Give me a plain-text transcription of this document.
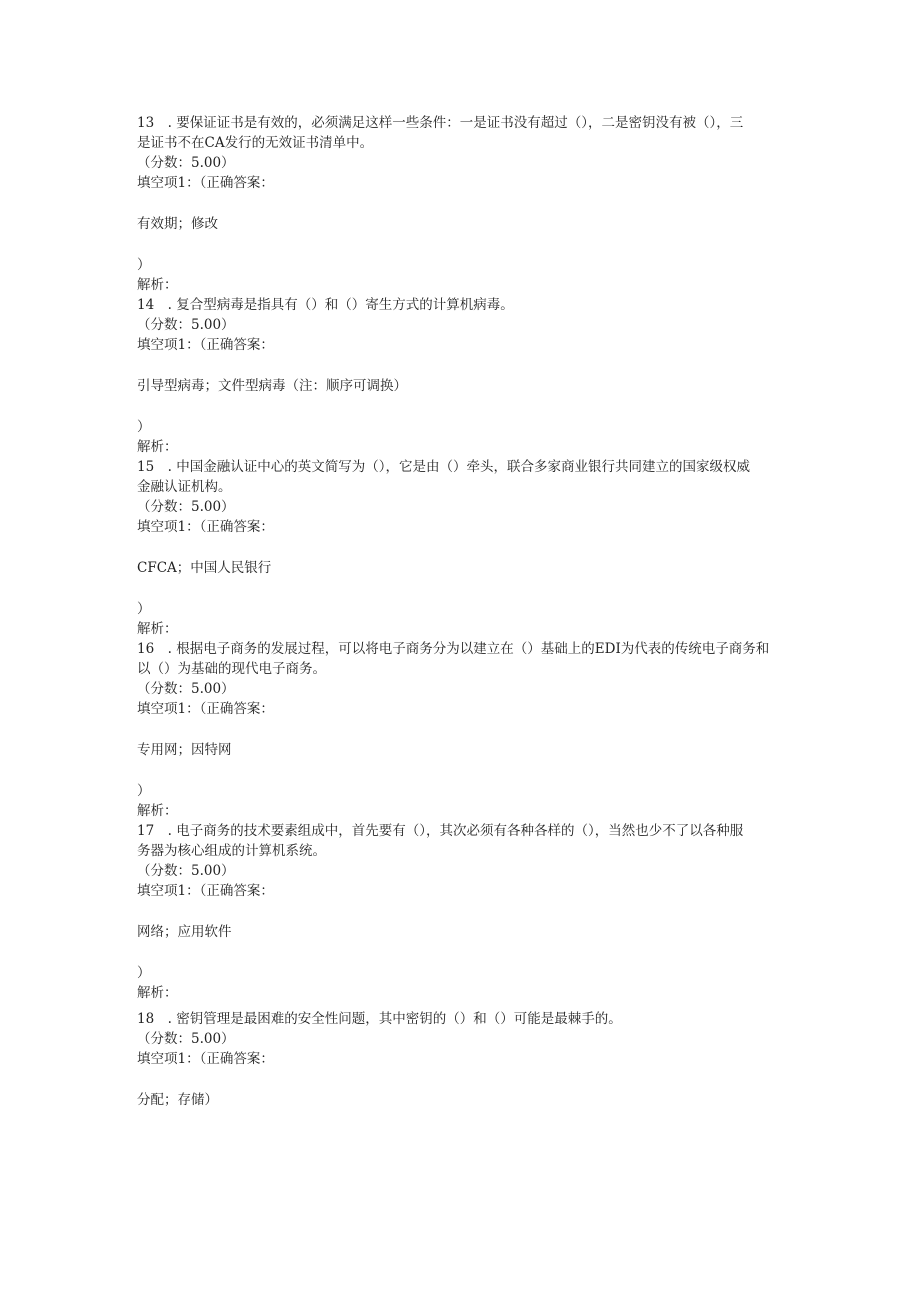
13　. 要保证证书是有效的，必须满足这样一些条件：一是证书没有超过（），二是密钥没有被（），三
是证书不在CA发行的无效证书清单中。
（分数：5.00）
填空项1：（正确答案：
有效期；修改
）
解析：
14　. 复合型病毒是指具有（）和（）寄生方式的计算机病毒。
（分数：5.00）
填空项1：（正确答案：
引导型病毒；文件型病毒（注：顺序可调换）
）
解析：
15　. 中国金融认证中心的英文简写为（），它是由（）牵头，联合多家商业银行共同建立的国家级权威
金融认证机构。
（分数：5.00）
填空项1：（正确答案：
CFCA；中国人民银行
）
解析：
16　. 根据电子商务的发展过程，可以将电子商务分为以建立在（）基础上的EDI为代表的传统电子商务和
以（）为基础的现代电子商务。
（分数：5.00）
填空项1：（正确答案：
专用网；因特网
）
解析：
17　. 电子商务的技术要素组成中，首先要有（），其次必须有各种各样的（），当然也少不了以各种服
务器为核心组成的计算机系统。
（分数：5.00）
填空项1：（正确答案：
网络；应用软件
）
解析：
18　. 密钥管理是最困难的安全性问题，其中密钥的（）和（）可能是最棘手的。
（分数：5.00）
填空项1：（正确答案：
分配；存储）
